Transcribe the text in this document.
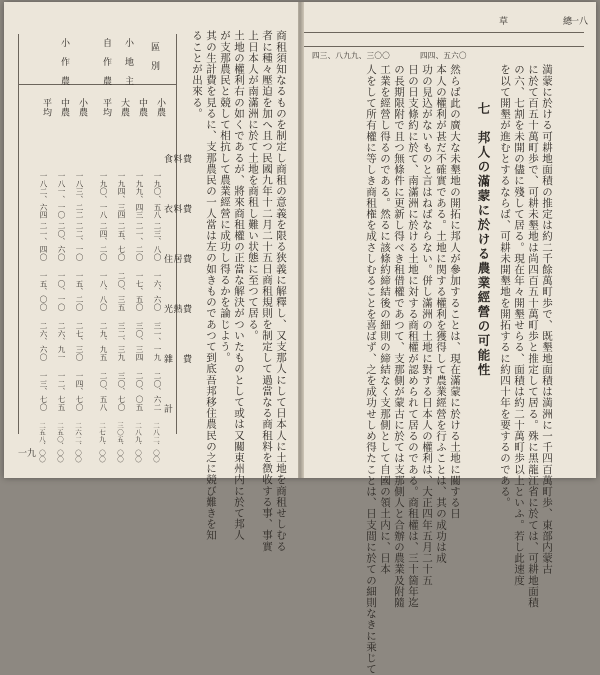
一八
總
草
四四、五六〇
四三、八九九、三〇〇
満蒙に於ける可耕地面積の推定は約二千餘萬町歩で、既墾地面積は満洲に一千四百萬町歩、東部内蒙古
に於て百五十萬町歩で、可耕未墾地は尚四百五十萬町歩と推定して居る。殊に黑龍江省に於ては、可耕地面積
の六、七割を未開の儘に殘して居る。現在年々開墾せらる、面積は約二十萬町歩以上といふ。若し此速度
を以て開墾が進むとするならば、可耕未開墾地を開拓するに約四十年を要するのである。
七　邦人の滿蒙に於ける農業經營の可能性
然らば此の廣大な未墾地の開拓に邦人が參加することは、現在滿蒙に於ける土地に關する日
本人の權利が甚だ不確實である。土地に関する權利を獲得して農業經營を行ふことは、其の成功は成
功の見込がないものと言はねばならない。併し滿洲の土地に對する日本人の權利は、大正四年五月二十五
日の日支條約に於て、南滿洲に於ける土地に対する商租權が認められて居るのである。商租權は、三十箇年迄
の長期限附で且つ無條件に更新し得べき租借權であつて、支那側が蒙古に於ては支那側人と合辦の農業及附隨
工業を經營し得るのである。然るに該條約締結後の細則の締結なく支那側として自國の領土内に、日本
人をして所有權に等しき商租権を成さしむることを喜ばず、之を成功せしめ得たことは、日支間に於ての細則なきに乘じて
一九	商租須知なるものを制定し商租の意義を限る狭義に解釋し、又支那人にして日本人に土地を商租せしむる
者に種々壓迫を加へ且つ民國九年十二月二十五日商租規則を制定して過當なる商租料を徴收する事、事實
上日本人が南滿洲に於て土地を商租し難い状態に至つて居る。
土地の權利右の如くであるが、將來商租權の正當な解決がついたものとして或は又關東州内に於て邦人
が支那農民と競して相抗して農業經營に成功し得るかを論じよう。
其の生計費を見るに、支那農民の一人當は左の如きものであつて到底吾邦移住農民の之に競び難きを知
ることが出來る。
區　別
小　地　主
自　作　農
小　作　農
小農
中農
大農
平均
小農
中農
平均
食料費
衣料費
住居費
光熱費
雜　費
計
一九〇、五八
二三、八〇
一六、六〇
三一、一九
二〇、六二
二八二、〇〇
一九九、四三
二一、二〇
一七、五〇
三〇、三四
二〇、〇五
二八九、〇〇
一九四、三四
二五、七〇
二〇、三五
三二、三九
三〇、七〇
三〇五、〇〇
一九〇、一八
二四、二〇
一八、八〇
二九、九五
二〇、五八
二七九、〇〇
一八三、二二
二二、一〇
一五、二〇
二七、三〇
一四、七〇
二六二、〇〇
一八一、一〇
二〇、六〇
一〇、一〇
二六、九一
一二、七五
二五〇、〇〇
一八二、六四
二一、四〇
一五、〇〇
二六、六〇
一三、七〇
二五八、〇〇
